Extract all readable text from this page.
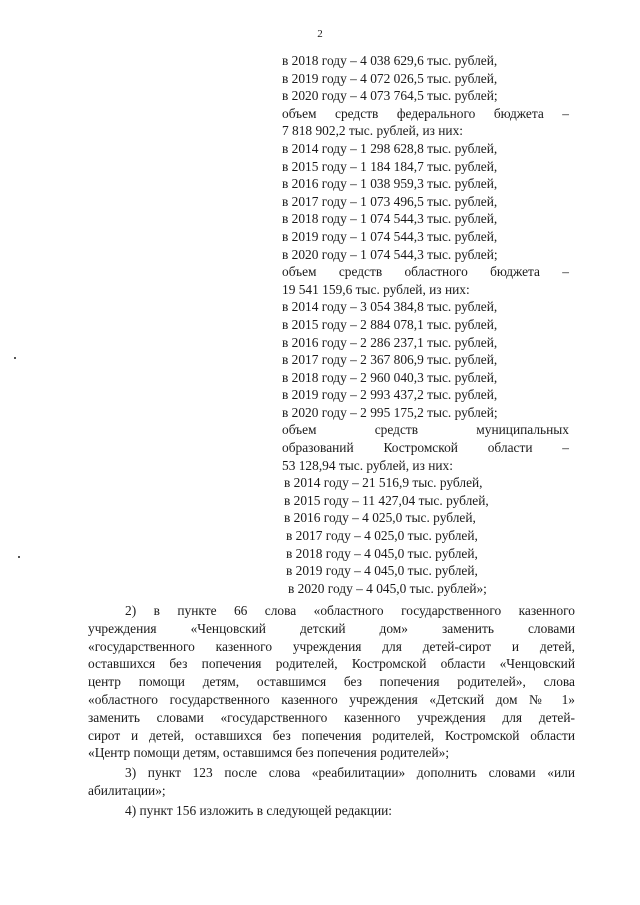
2
в 2018 году – 4 038 629,6 тыс. рублей,
в 2019 году – 4 072 026,5 тыс. рублей,
в 2020 году – 4 073 764,5 тыс. рублей;
объем средств федерального бюджета –
7 818 902,2 тыс. рублей, из них:
в 2014 году – 1 298 628,8 тыс. рублей,
в 2015 году – 1 184 184,7 тыс. рублей,
в 2016 году – 1 038 959,3 тыс. рублей,
в 2017 году – 1 073 496,5 тыс. рублей,
в 2018 году – 1 074 544,3 тыс. рублей,
в 2019 году – 1 074 544,3 тыс. рублей,
в 2020 году – 1 074 544,3 тыс. рублей;
объем средств областного бюджета –
19 541 159,6 тыс. рублей, из них:
в 2014 году – 3 054 384,8 тыс. рублей,
в 2015 году – 2 884 078,1 тыс. рублей,
в 2016 году – 2 286 237,1 тыс. рублей,
в 2017 году – 2 367 806,9 тыс. рублей,
в 2018 году – 2 960 040,3 тыс. рублей,
в 2019 году – 2 993 437,2 тыс. рублей,
в 2020 году – 2 995 175,2 тыс. рублей;
объем средств муниципальных
образований Костромской области –
53 128,94 тыс. рублей, из них:
в 2014 году – 21 516,9 тыс. рублей,
в 2015 году – 11 427,04 тыс. рублей,
в 2016 году – 4 025,0 тыс. рублей,
в 2017 году – 4 025,0 тыс. рублей,
в 2018 году – 4 045,0 тыс. рублей,
в 2019 году – 4 045,0 тыс. рублей,
в 2020 году – 4 045,0 тыс. рублей»;
2) в пункте 66 слова «областного государственного казенного
учреждения «Ченцовский детский дом» заменить словами
«государственного казенного учреждения для детей-сирот и детей,
оставшихся без попечения родителей, Костромской области «Ченцовский
центр помощи детям, оставшимся без попечения родителей», слова
«областного государственного казенного учреждения «Детский дом № 1»
заменить словами «государственного казенного учреждения для детей-
сирот и детей, оставшихся без попечения родителей, Костромской области
«Центр помощи детям, оставшимся без попечения родителей»;
3) пункт 123 после слова «реабилитации» дополнить словами «или
абилитации»;
4) пункт 156 изложить в следующей редакции:
